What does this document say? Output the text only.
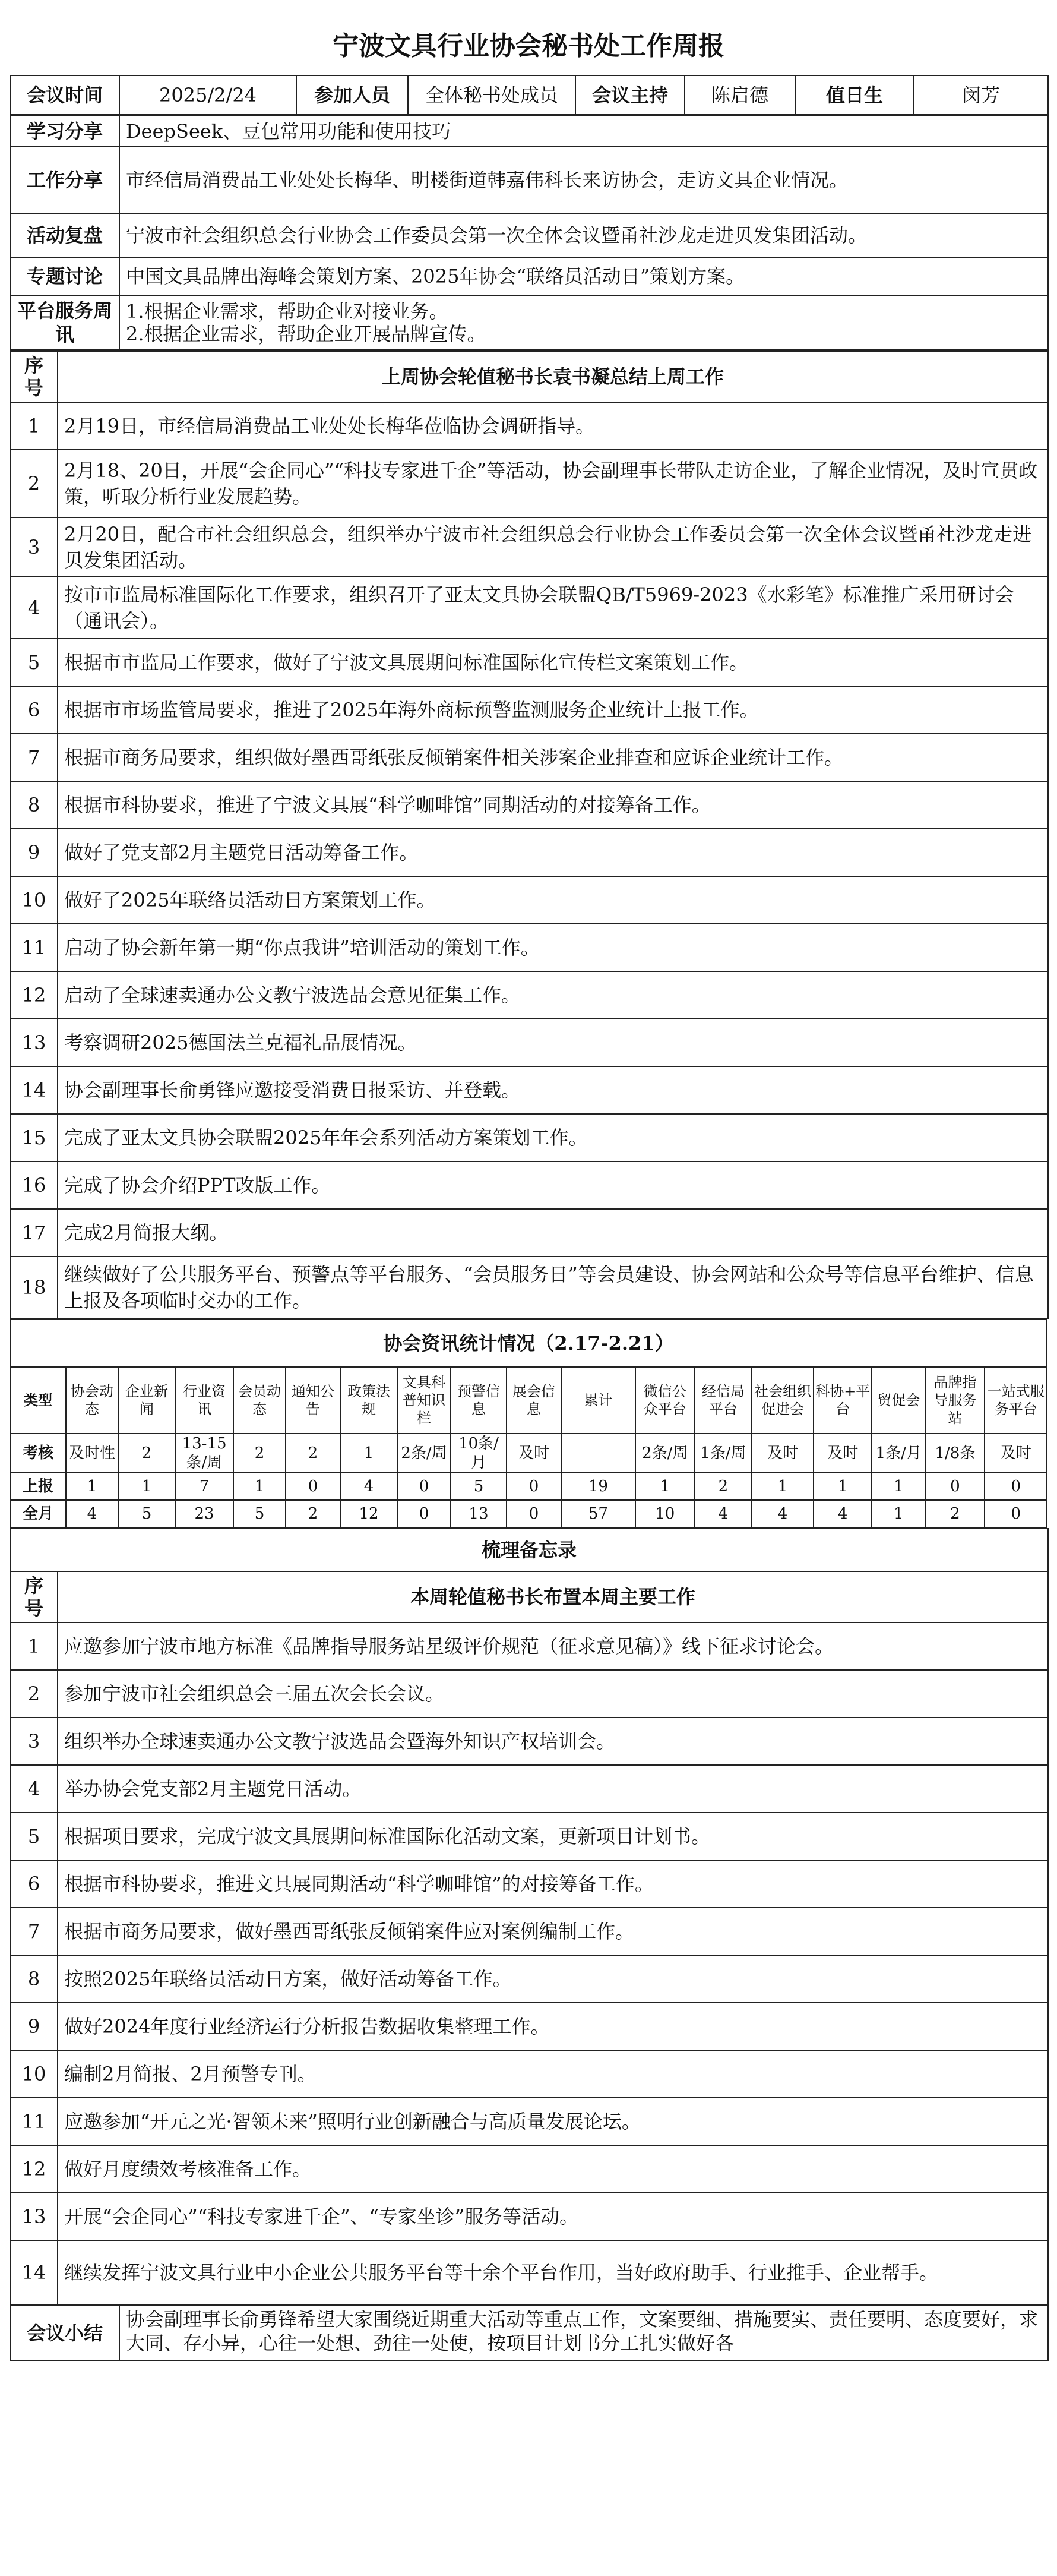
宁波文具行业协会秘书处工作周报
会议时间	2025/2/24	参加人员	全体秘书处成员	会议主持	陈启德	值日生	闵芳
学习分享	DeepSeek、豆包常用功能和使用技巧
工作分享	市经信局消费品工业处处长梅华、明楼街道韩嘉伟科长来访协会，走访文具企业情况。
活动复盘	宁波市社会组织总会行业协会工作委员会第一次全体会议暨甬社沙龙走进贝发集团活动。
专题讨论	中国文具品牌出海峰会策划方案、2025年协会“联络员活动日”策划方案。
平台服务周讯	1.根据企业需求，帮助企业对接业务。
2.根据企业需求，帮助企业开展品牌宣传。
序号	上周协会轮值秘书长袁书凝总结上周工作
1	2月19日，市经信局消费品工业处处长梅华莅临协会调研指导。
2	2月18、20日，开展“会企同心”“科技专家进千企”等活动，协会副理事长带队走访企业，了解企业情况，及时宣贯政策，听取分析行业发展趋势。
3	2月20日，配合市社会组织总会，组织举办宁波市社会组织总会行业协会工作委员会第一次全体会议暨甬社沙龙走进贝发集团活动。
4	按市市监局标准国际化工作要求，组织召开了亚太文具协会联盟QB/T5969-2023《水彩笔》标准推广采用研讨会（通讯会）。
5	根据市市监局工作要求，做好了宁波文具展期间标准国际化宣传栏文案策划工作。
6	根据市市场监管局要求，推进了2025年海外商标预警监测服务企业统计上报工作。
7	根据市商务局要求，组织做好墨西哥纸张反倾销案件相关涉案企业排查和应诉企业统计工作。
8	根据市科协要求，推进了宁波文具展“科学咖啡馆”同期活动的对接筹备工作。
9	做好了党支部2月主题党日活动筹备工作。
10	做好了2025年联络员活动日方案策划工作。
11	启动了协会新年第一期“你点我讲”培训活动的策划工作。
12	启动了全球速卖通办公文教宁波选品会意见征集工作。
13	考察调研2025德国法兰克福礼品展情况。
14	协会副理事长俞勇锋应邀接受消费日报采访、并登载。
15	完成了亚太文具协会联盟2025年年会系列活动方案策划工作。
16	完成了协会介绍PPT改版工作。
17	完成2月简报大纲。
18	继续做好了公共服务平台、预警点等平台服务、“会员服务日”等会员建设、协会网站和公众号等信息平台维护、信息上报及各项临时交办的工作。
协会资讯统计情况（2.17-2.21）																	
类型	协会动态	企业新闻	行业资讯	会员动态	通知公告	政策法规	文具科普知识栏	预警信息	展会信息	累计	微信公众平台	经信局平台	社会组织促进会	科协+平台	贸促会	品牌指导服务站	一站式服务平台
考核	及时性	2	13-15条/周	2	2	1	2条/周	10条/月	及时		2条/周	1条/周	及时	及时	1条/月	1/8条	及时
上报	1	1	7	1	0	4	0	5	0	19	1	2	1	1	1	0	0
全月	4	5	23	5	2	12	0	13	0	57	10	4	4	4	1	2	0
梳理备忘录	
序号	本周轮值秘书长布置本周主要工作
1	应邀参加宁波市地方标准《品牌指导服务站星级评价规范（征求意见稿）》线下征求讨论会。
2	参加宁波市社会组织总会三届五次会长会议。
3	组织举办全球速卖通办公文教宁波选品会暨海外知识产权培训会。
4	举办协会党支部2月主题党日活动。
5	根据项目要求，完成宁波文具展期间标准国际化活动文案，更新项目计划书。
6	根据市科协要求，推进文具展同期活动“科学咖啡馆”的对接筹备工作。
7	根据市商务局要求，做好墨西哥纸张反倾销案件应对案例编制工作。
8	按照2025年联络员活动日方案，做好活动筹备工作。
9	做好2024年度行业经济运行分析报告数据收集整理工作。
10	编制2月简报、2月预警专刊。
11	应邀参加“开元之光·智领未来”照明行业创新融合与高质量发展论坛。
12	做好月度绩效考核准备工作。
13	开展“会企同心”“科技专家进千企”、“专家坐诊”服务等活动。
14	继续发挥宁波文具行业中小企业公共服务平台等十余个平台作用，当好政府助手、行业推手、企业帮手。
会议小结	协会副理事长俞勇锋希望大家围绕近期重大活动等重点工作，文案要细、措施要实、责任要明、态度要好，求大同、存小异，心往一处想、劲往一处使，按项目计划书分工扎实做好各
